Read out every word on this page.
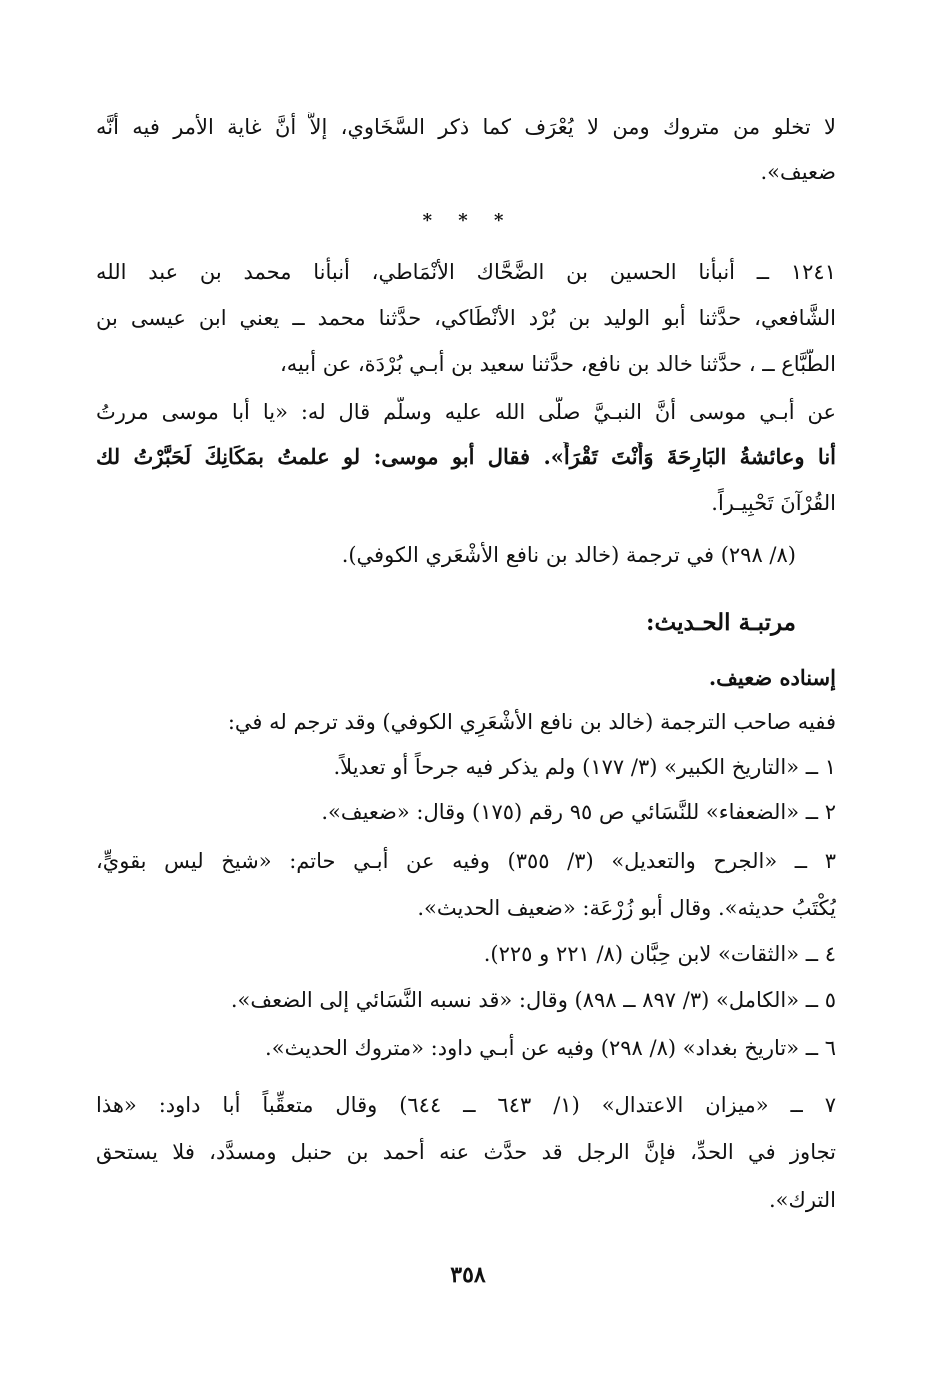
لا تخلو من متروك ومن لا يُعْرَف كما ذكر السَّخَاوي، إلاَّ أنَّ غاية الأمر فيه أنَّه
ضعيف».
* * *
١٢٤١ ــ أنبأنا الحسين بن الضَّحَّاك الأنْمَاطي، أنبأنا محمد بن عبد الله
الشَّافعي، حدَّثنا أبو الوليد بن بُرْد الأنْطَاكي، حدَّثنا محمد ــ يعني ابن عيسى بن
الطَّبَّاع ــ ، حدَّثنا خالد بن نافع، حدَّثنا سعيد بن أبـي بُرْدَة، عن أبيه،
عن أبـي موسى أنَّ النبـيَّ صلَّى الله عليه وسلَّم قال له: «يا أبا موسى مررتُ
أنا وعائشةُ البَارِحَةَ وَأَنْتَ تَقْرَأُ». فقال أبو موسى: لو علمتُ بمَكَانِكَ لَحَبَّرْتُ لك
القُرْآنَ تَحْبِيـراً.
(٨/ ٢٩٨) في ترجمة (خالد بن نافع الأشْعَري الكوفي).
مرتبـة الحـديث:
إسناده ضعيف.
ففيه صاحب الترجمة (خالد بن نافع الأشْعَرِي الكوفي) وقد ترجم له في:
١ ــ «التاريخ الكبير» (٣/ ١٧٧) ولم يذكر فيه جرحاً أو تعديلاً.
٢ ــ «الضعفاء» للنَّسَائي ص ٩٥ رقم (١٧٥) وقال: «ضعيف».
٣ ــ «الجرح والتعديل» (٣/ ٣٥٥) وفيه عن أبـي حاتم: «شيخ ليس بقويٍّ،
يُكْتَبُ حديثه». وقال أبو زُرْعَة: «ضعيف الحديث».
٤ ــ «الثقات» لابن حِبَّان (٨/ ٢٢١ و ٢٢٥).
٥ ــ «الكامل» (٣/ ٨٩٧ ــ ٨٩٨) وقال: «قد نسبه النَّسَائي إلى الضعف».
٦ ــ «تاريخ بغداد» (٨/ ٢٩٨) وفيه عن أبـي داود: «متروك الحديث».
٧ ــ «ميزان الاعتدال» (١/ ٦٤٣ ــ ٦٤٤) وقال متعقِّباً أبا داود: «هذا
تجاوز في الحدِّ، فإنَّ الرجل قد حدَّث عنه أحمد بن حنبل ومسدَّد، فلا يستحق
الترك».
٣٥٨
